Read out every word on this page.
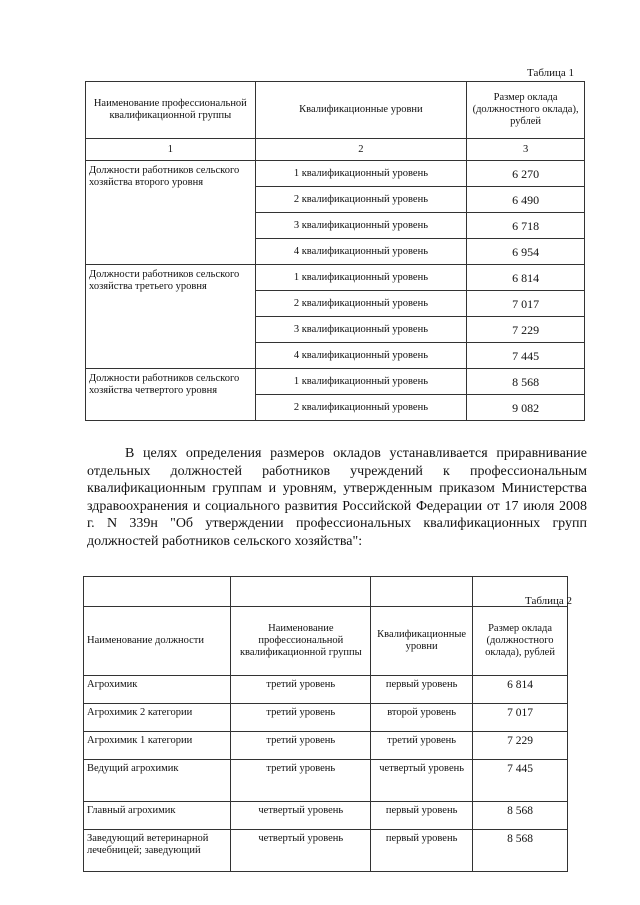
Таблица 1
Наименование профессиональной квалификационной группы	Квалификационные уровни	Размер оклада (должностного оклада), рублей
1	2	3
Должности работников сельского хозяйства второго уровня	1 квалификационный уровень	6 270
	2 квалификационный уровень	6 490
	3 квалификационный уровень	6 718
	4 квалификационный уровень	6 954
Должности работников сельского хозяйства третьего уровня	1 квалификационный уровень	6 814
	2 квалификационный уровень	7 017
	3 квалификационный уровень	7 229
	4 квалификационный уровень	7 445
Должности работников сельского хозяйства четвертого уровня	1 квалификационный уровень	8 568
	2 квалификационный уровень	9 082
В целях определения размеров окладов устанавливается приравнивание отдельных должностей работников учреждений к профессиональным квалификационным группам и уровням, утвержденным приказом Министерства здравоохранения и социального развития Российской Федерации от 17 июля 2008 г. N 339н "Об утверждении профессиональных квалификационных групп должностей работников сельского хозяйства":

Наименование должности	Наименование профессиональной квалификационной группы	Квалификационные уровни	Размер оклада (должностного оклада), рублей
Агрохимик	третий уровень	первый уровень	6 814
Агрохимик 2 категории	третий уровень	второй уровень	7 017
Агрохимик 1 категории	третий уровень	третий уровень	7 229
Ведущий агрохимик	третий уровень	четвертый уровень	7 445
Главный агрохимик	четвертый уровень	первый уровень	8 568
Заведующий ветеринарной лечебницей; заведующий	четвертый уровень	первый уровень	8 568
Таблица 2
